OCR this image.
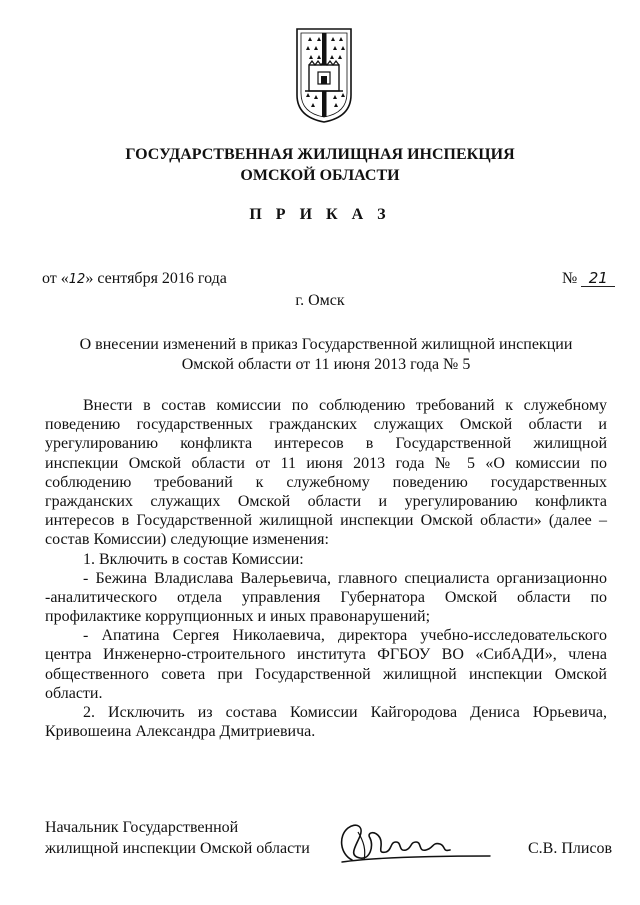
ГОСУДАРСТВЕННАЯ ЖИЛИЩНАЯ ИНСПЕКЦИЯ
ОМСКОЙ ОБЛАСТИ
П Р И К А З
от «12» сентября 2016 года	№ 21
г. Омск
О внесении изменений в приказ Государственной жилищной инспекции
Омской области от 11 июня 2013 года № 5
Внести в состав комиссии по соблюдению требований к служебному
поведению государственных гражданских служащих Омской области и
урегулированию конфликта интересов в Государственной жилищной
инспекции Омской области от 11 июня 2013 года № 5 «О комиссии по
соблюдению требований к служебному поведению государственных
гражданских служащих Омской области и урегулированию конфликта
интересов в Государственной жилищной инспекции Омской области» (далее –
состав Комиссии) следующие изменения:
1. Включить в состав Комиссии:
- Бежина Владислава Валерьевича, главного специалиста организационно
-аналитического отдела управления Губернатора Омской области по
профилактике коррупционных и иных правонарушений;
- Апатина Сергея Николаевича, директора учебно-исследовательского
центра Инженерно-строительного института ФГБОУ ВО «СибАДИ», члена
общественного совета при Государственной жилищной инспекции Омской
области.
2. Исключить из состава Комиссии Кайгородова Дениса Юрьевича,
Кривошеина Александра Дмитриевича.
Начальник Государственной
жилищной инспекции Омской области	С.В. Плисов
